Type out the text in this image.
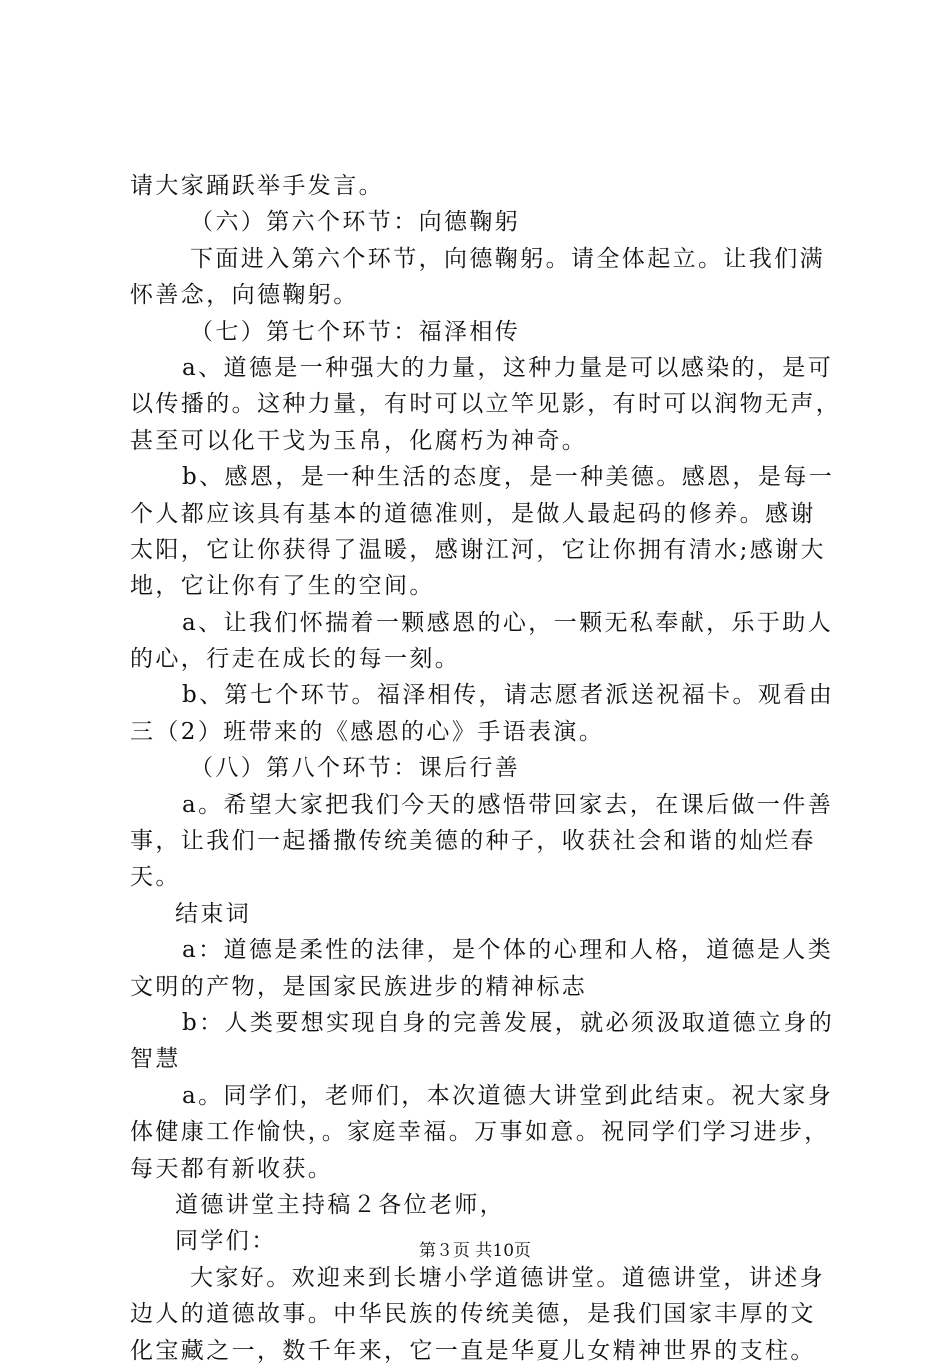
请大家踊跃举手发言。
（六）第六个环节：向德鞠躬
下面进入第六个环节，向德鞠躬。请全体起立。让我们满
怀善念，向德鞠躬。
（七）第七个环节：福泽相传
a、道德是一种强大的力量，这种力量是可以感染的，是可
以传播的。这种力量，有时可以立竿见影，有时可以润物无声，
甚至可以化干戈为玉帛，化腐朽为神奇。
b、感恩，是一种生活的态度，是一种美德。感恩，是每一
个人都应该具有基本的道德准则，是做人最起码的修养。感谢
太阳，它让你获得了温暖，感谢江河，它让你拥有清水;感谢大
地，它让你有了生的空间。
a、让我们怀揣着一颗感恩的心，一颗无私奉献，乐于助人
的心，行走在成长的每一刻。
b、第七个环节。福泽相传，请志愿者派送祝福卡。观看由
三（2）班带来的《感恩的心》手语表演。
（八）第八个环节：课后行善
a。希望大家把我们今天的感悟带回家去，在课后做一件善
事，让我们一起播撒传统美德的种子，收获社会和谐的灿烂春
天。
结束词
a：道德是柔性的法律，是个体的心理和人格，道德是人类
文明的产物，是国家民族进步的精神标志
b：人类要想实现自身的完善发展，就必须汲取道德立身的
智慧
a。同学们，老师们，本次道德大讲堂到此结束。祝大家身
体健康工作愉快，。家庭幸福。万事如意。祝同学们学习进步，
每天都有新收获。
道德讲堂主持稿２各位老师，
同学们：
大家好。欢迎来到长塘小学道德讲堂。道德讲堂，讲述身
边人的道德故事。中华民族的传统美德，是我们国家丰厚的文
化宝藏之一，数千年来，它一直是华夏儿女精神世界的支柱。
第３页 共10页
